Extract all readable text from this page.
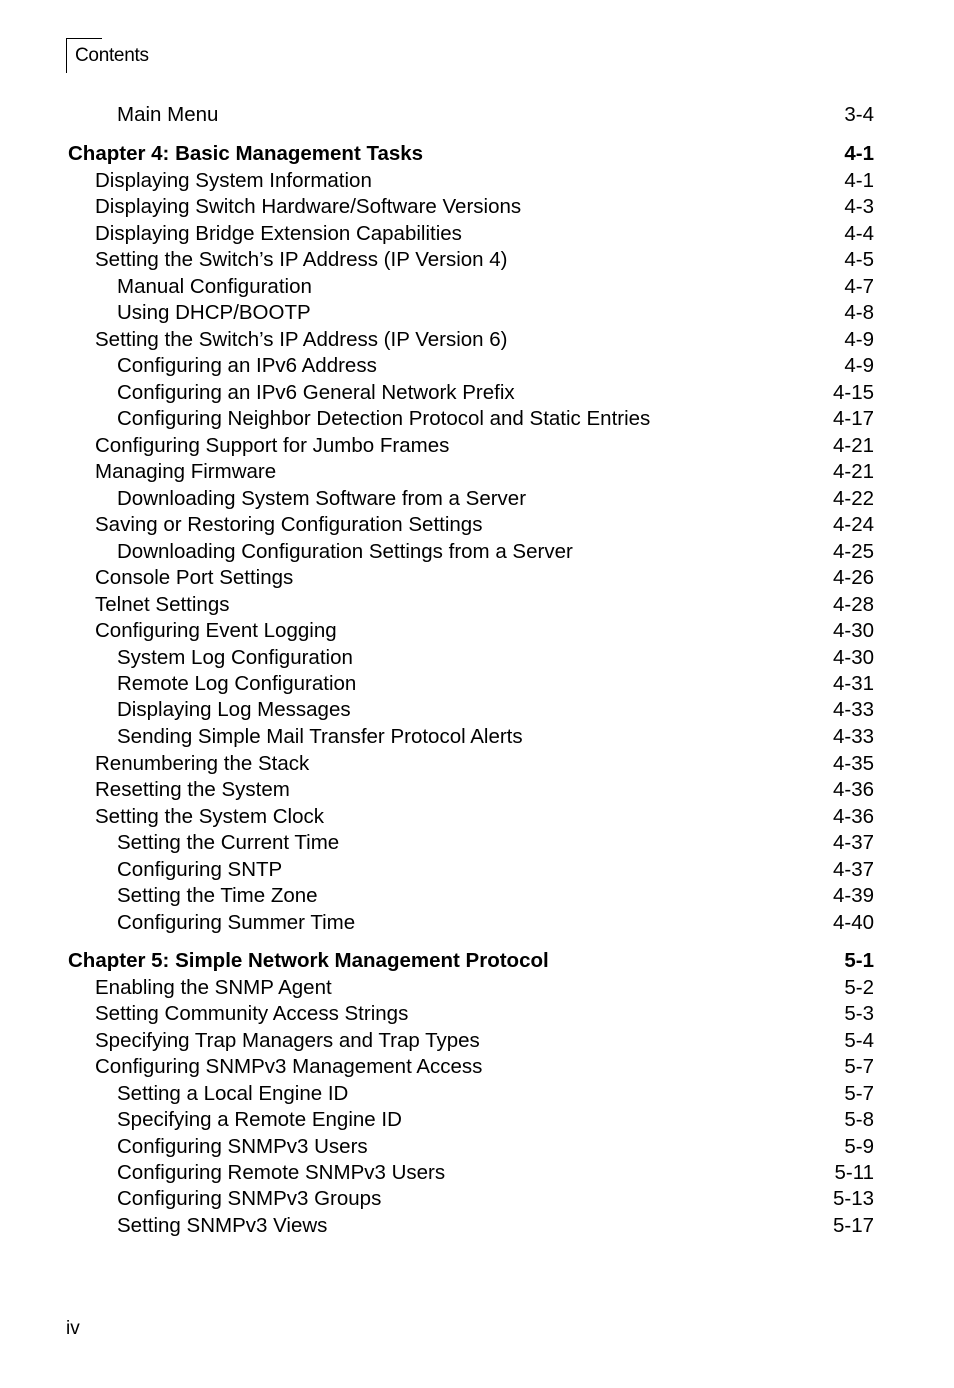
Contents
Main Menu	3-4
Chapter 4: Basic Management Tasks	4-1
Displaying System Information	4-1
Displaying Switch Hardware/Software Versions	4-3
Displaying Bridge Extension Capabilities	4-4
Setting the Switch’s IP Address (IP Version 4)	4-5
Manual Configuration	4-7
Using DHCP/BOOTP	4-8
Setting the Switch’s IP Address (IP Version 6)	4-9
Configuring an IPv6 Address	4-9
Configuring an IPv6 General Network Prefix	4-15
Configuring Neighbor Detection Protocol and Static Entries	4-17
Configuring Support for Jumbo Frames	4-21
Managing Firmware	4-21
Downloading System Software from a Server	4-22
Saving or Restoring Configuration Settings	4-24
Downloading Configuration Settings from a Server	4-25
Console Port Settings	4-26
Telnet Settings	4-28
Configuring Event Logging	4-30
System Log Configuration	4-30
Remote Log Configuration	4-31
Displaying Log Messages	4-33
Sending Simple Mail Transfer Protocol Alerts	4-33
Renumbering the Stack	4-35
Resetting the System	4-36
Setting the System Clock	4-36
Setting the Current Time	4-37
Configuring SNTP	4-37
Setting the Time Zone	4-39
Configuring Summer Time	4-40
Chapter 5: Simple Network Management Protocol	5-1
Enabling the SNMP Agent	5-2
Setting Community Access Strings	5-3
Specifying Trap Managers and Trap Types	5-4
Configuring SNMPv3 Management Access	5-7
Setting a Local Engine ID	5-7
Specifying a Remote Engine ID	5-8
Configuring SNMPv3 Users	5-9
Configuring Remote SNMPv3 Users	5-11
Configuring SNMPv3 Groups	5-13
Setting SNMPv3 Views	5-17
iv
